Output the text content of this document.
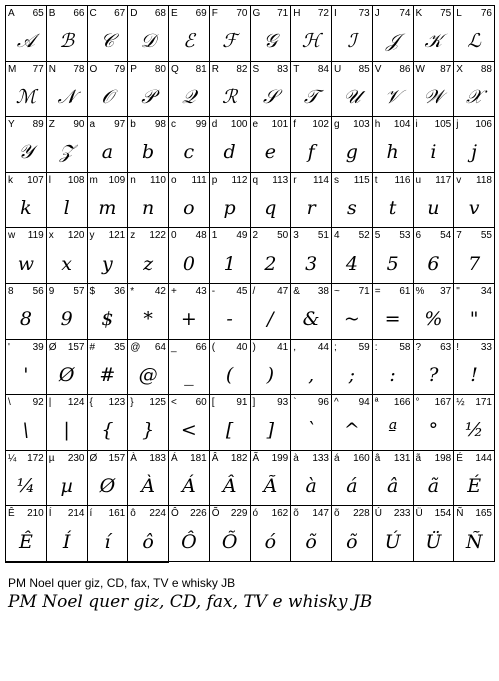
A 65
𝒜
B 66
ℬ
C 67
𝒞
D 68
𝒟
E 69
ℰ
F 70
ℱ
G 71
𝒢
H 72
ℋ
I 73
ℐ
J 74
𝒥
K 75
𝒦
L 76
ℒ
M 77
ℳ
N 78
𝒩
O 79
𝒪
P 80
𝒫
Q 81
𝒬
R 82
ℛ
S 83
𝒮
T 84
𝒯
U 85
𝒰
V 86
𝒱
W 87
𝒲
X 88
𝒳
Y 89
𝒴
Z 90
𝒵
a 97
a
b 98
b
c 99
c
d 100
d
e 101
e
f 102
f
g 103
g
h 104
h
i 105
i
j 106
j
k 107
k
l 108
l
m 109
m
n 110
n
o 111
o
p 112
p
q 113
q
r 114
r
s 115
s
t 116
t
u 117
u
v 118
v
w 119
w
x 120
x
y 121
y
z 122
z
0 48
0
1 49
1
2 50
2
3 51
3
4 52
4
5 53
5
6 54
6
7 55
7
8 56
8
9 57
9
$ 36
$
* 42
*
+ 43
+
- 45
-
/ 47
/
& 38
&
~ 71
~
= 61
=
% 37
%
" 34
"
' 39
'
Ø 157
Ø
# 35
#
@ 64
@
_ 66
_
( 40
(
) 41
)
, 44
,
; 59
;
: 58
:
? 63
?
! 33
!
\ 92
\
| 124
|
{ 123
{
} 125
}
< 60
<
[ 91
[
] 93
]
` 96
`
^ 94
^
ª 166
ª
° 167
°
½ 171
½
¼ 172
¼
µ 230
µ
Ø 157
Ø
À 183
À
Á 181
Á
Â 182
Â
Ã 199
Ã
à 133
à
á 160
á
â 131
â
ã 198
ã
É 144
É
Ê 210
Ê
Í 214
Í
í 161
í
ô 224
ô
Ô 226
Ô
Õ 229
Õ
ó 162
ó
õ 147
õ
õ 228
õ
Ú 233
Ú
Ü 154
Ü
Ñ 165
Ñ
PM Noel quer giz, CD, fax, TV e whisky JB
PM Noel quer giz, CD, fax, TV e whisky JB
